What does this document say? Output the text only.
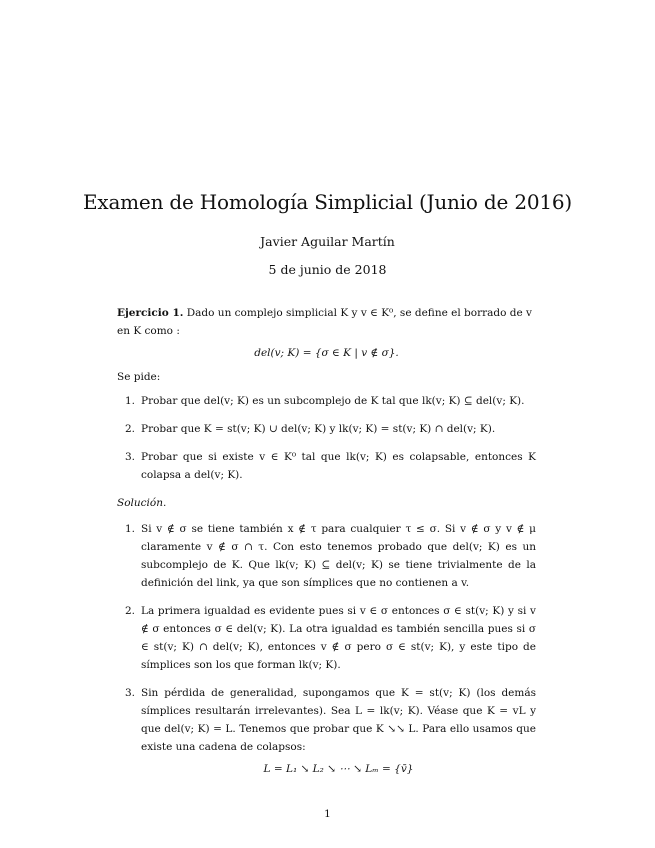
Examen de Homología Simplicial (Junio de 2016)
Javier Aguilar Martín
5 de junio de 2018

Ejercicio 1. Dado un complejo simplicial K y v ∈ K⁰, se define el borrado de v en K como :

del(v; K) = {σ ∈ K | v ∉ σ}.

Se pide:

1. Probar que del(v; K) es un subcomplejo de K tal que lk(v; K) ⊆ del(v; K).
2. Probar que K = st(v; K) ∪ del(v; K) y lk(v; K) = st(v; K) ∩ del(v; K).
3. Probar que si existe v ∈ K⁰ tal que lk(v; K) es colapsable, entonces K colapsa a del(v; K).
Solución.
1. Si v ∉ σ se tiene también x ∉ τ para cualquier τ ≤ σ. Si v ∉ σ y v ∉ μ claramente v ∉ σ ∩ τ. Con esto tenemos probado que del(v; K) es un subcomplejo de K. Que lk(v; K) ⊆ del(v; K) se tiene trivialmente de la definición del link, ya que son símplices que no contienen a v.
2. La primera igualdad es evidente pues si v ∈ σ entonces σ ∈ st(v; K) y si v ∉ σ entonces σ ∈ del(v; K). La otra igualdad es también sencilla pues si σ ∈ st(v; K) ∩ del(v; K), entonces v ∉ σ pero σ ∈ st(v; K), y este tipo de símplices son los que forman lk(v; K).
3. Sin pérdida de generalidad, supongamos que K = st(v; K) (los demás símplices resultarán irrelevantes). Sea L = lk(v; K). Véase que K = vL y que del(v; K) = L. Tenemos que probar que K ↘↘ L. Para ello usamos que existe una cadena de colapsos:
L = L₁ ↘ L₂ ↘ ⋯ ↘ Lₘ = {v̄}
1
